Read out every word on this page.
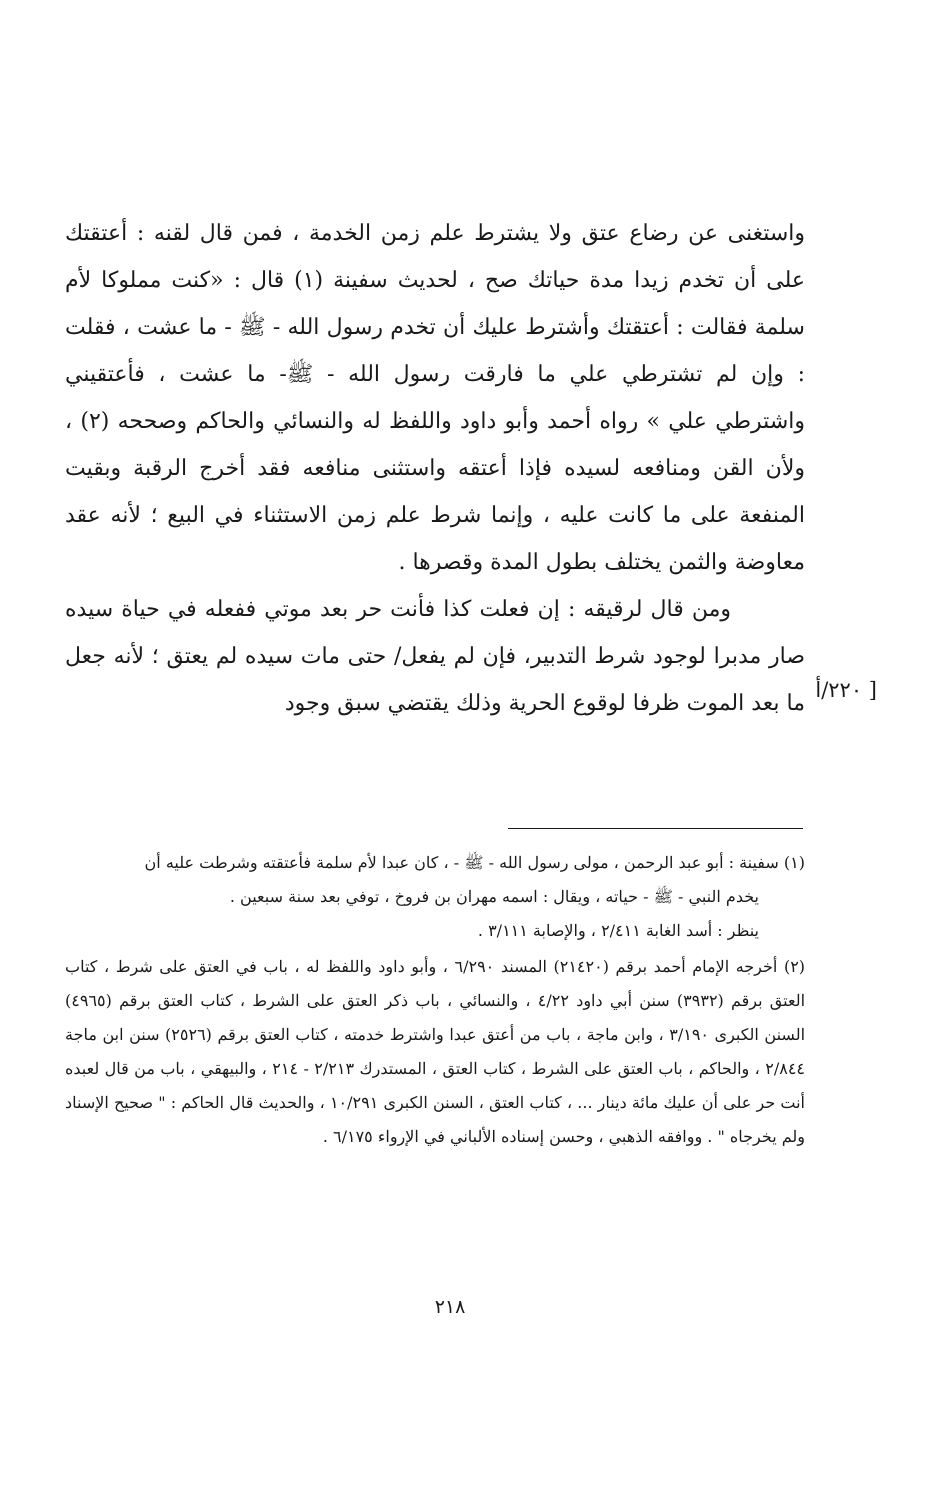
واستغنى عن رضاع عتق ولا يشترط علم زمن الخدمة ، فمن قال لقنه : أعتقتك على أن تخدم زيدا مدة حياتك صح ، لحديث سفينة (١) قال : «كنت مملوكا لأم سلمة فقالت : أعتقتك وأشترط عليك أن تخدم رسول الله - ﷺ - ما عشت ، فقلت : وإن لم تشترطي علي ما فارقت رسول الله - ﷺ- ما عشت ، فأعتقيني واشترطي علي » رواه أحمد وأبو داود واللفظ له والنسائي والحاكم وصححه (٢) ، ولأن القن ومنافعه لسيده فإذا أعتقه واستثنى منافعه فقد أخرج الرقبة وبقيت المنفعة على ما كانت عليه ، وإنما شرط علم زمن الاستثناء في البيع ؛ لأنه عقد معاوضة والثمن يختلف بطول المدة وقصرها .

ومن قال لرقيقه : إن فعلت كذا فأنت حر بعد موتي ففعله في حياة سيده صار مدبرا لوجود شرط التدبير، فإن لم يفعل/ حتى مات سيده لم يعتق ؛ لأنه جعل ما بعد الموت ظرفا لوقوع الحرية وذلك يقتضي سبق وجود

[ ٢٢٠/أ
(١) سفينة : أبو عبد الرحمن ، مولى رسول الله - ﷺ - ، كان عبدا لأم سلمة فأعتقته وشرطت عليه أن
يخدم النبي - ﷺ - حياته ، ويقال : اسمه مهران بن فروخ ، توفي بعد سنة سبعين .
ينظر : أسد الغابة ٢/٤١١ ، والإصابة ٣/١١١ .
(٢) أخرجه الإمام أحمد برقم (٢١٤٢٠) المسند ٦/٢٩٠ ، وأبو داود واللفظ له ، باب في العتق على شرط ، كتاب العتق برقم (٣٩٣٢) سنن أبي داود ٤/٢٢ ، والنسائي ، باب ذكر العتق على الشرط ، كتاب العتق برقم (٤٩٦٥) السنن الكبرى ٣/١٩٠ ، وابن ماجة ، باب من أعتق عبدا واشترط خدمته ، كتاب العتق برقم (٢٥٢٦) سنن ابن ماجة ٢/٨٤٤ ، والحاكم ، باب العتق على الشرط ، كتاب العتق ، المستدرك ٢/٢١٣ - ٢١٤ ، والبيهقي ، باب من قال لعبده أنت حر على أن عليك مائة دينار ... ، كتاب العتق ، السنن الكبرى ١٠/٢٩١ ، والحديث قال الحاكم : " صحيح الإسناد ولم يخرجاه " . ووافقه الذهبي ، وحسن إسناده الألباني في الإرواء ٦/١٧٥ .
٢١٨
